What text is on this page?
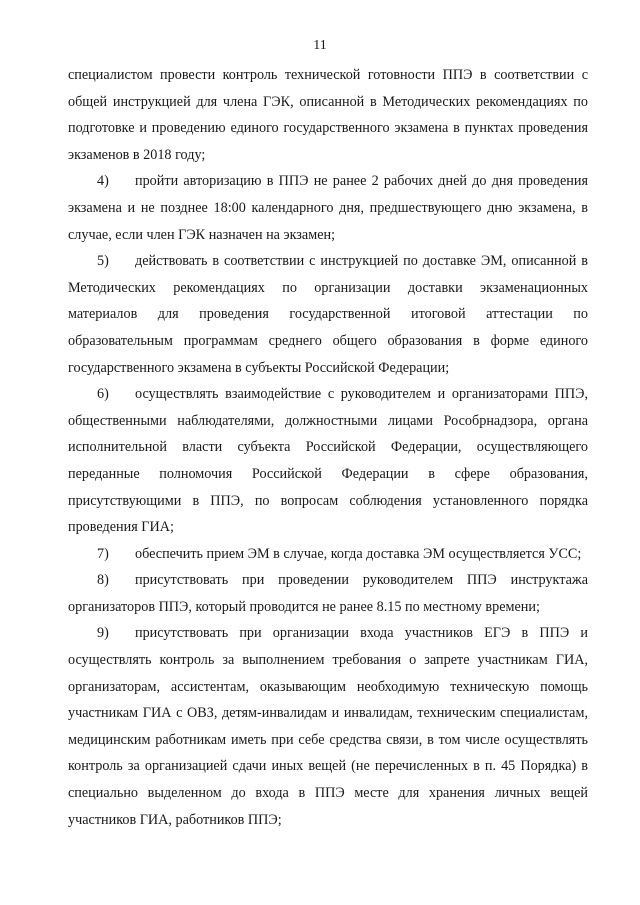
11

специалистом провести контроль технической готовности ППЭ в соответствии с общей инструкцией для члена ГЭК, описанной в Методических рекомендациях по подготовке и проведению единого государственного экзамена в пунктах проведения экзаменов в 2018 году;

4) пройти авторизацию в ППЭ не ранее 2 рабочих дней до дня проведения экзамена и не позднее 18:00 календарного дня, предшествующего дню экзамена, в случае, если член ГЭК назначен на экзамен;

5) действовать в соответствии с инструкцией по доставке ЭМ, описанной в Методических рекомендациях по организации доставки экзаменационных материалов для проведения государственной итоговой аттестации по образовательным программам среднего общего образования в форме единого государственного экзамена в субъекты Российской Федерации;

6) осуществлять взаимодействие с руководителем и организаторами ППЭ, общественными наблюдателями, должностными лицами Рособрнадзора, органа исполнительной власти субъекта Российской Федерации, осуществляющего переданные полномочия Российской Федерации в сфере образования, присутствующими в ППЭ, по вопросам соблюдения установленного порядка проведения ГИА;

7) обеспечить прием ЭМ в случае, когда доставка ЭМ осуществляется УСС;

8) присутствовать при проведении руководителем ППЭ инструктажа организаторов ППЭ, который проводится не ранее 8.15 по местному времени;

9) присутствовать при организации входа участников ЕГЭ в ППЭ и осуществлять контроль за выполнением требования о запрете участникам ГИА, организаторам, ассистентам, оказывающим необходимую техническую помощь участникам ГИА с ОВЗ, детям-инвалидам и инвалидам, техническим специалистам, медицинским работникам иметь при себе средства связи, в том числе осуществлять контроль за организацией сдачи иных вещей (не перечисленных в п. 45 Порядка) в специально выделенном до входа в ППЭ месте для хранения личных вещей участников ГИА, работников ППЭ;
